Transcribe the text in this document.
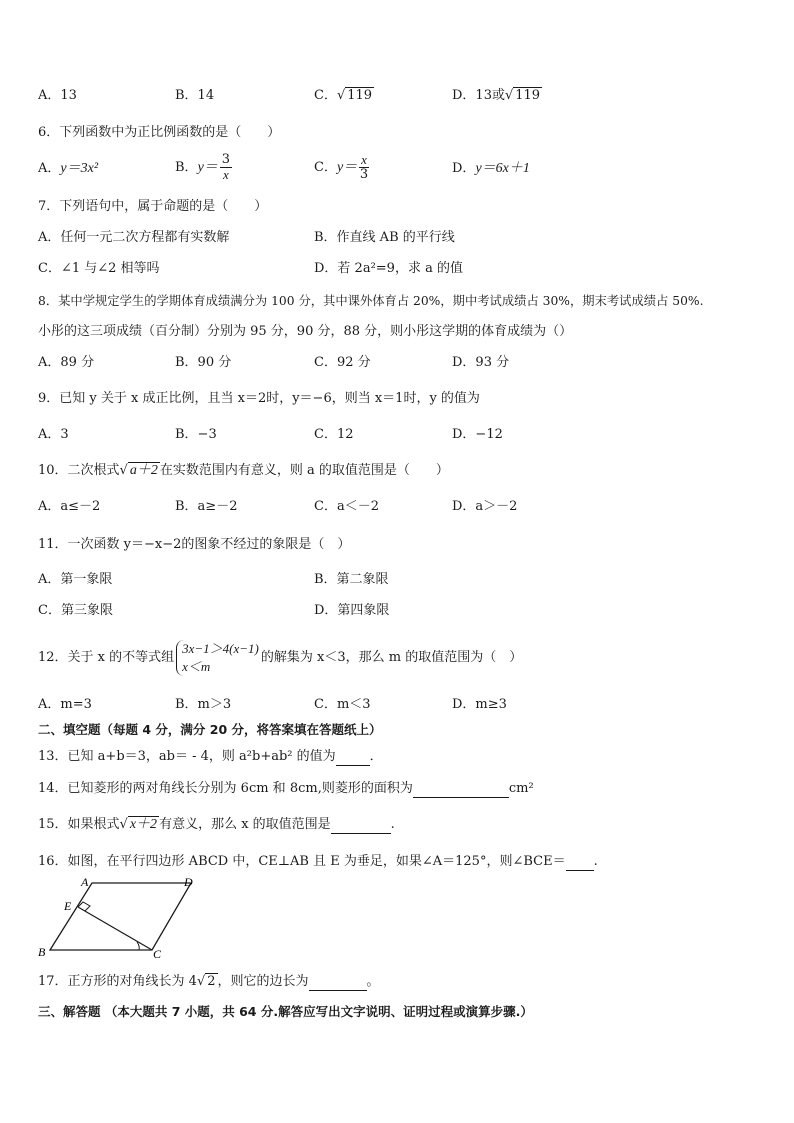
A．13	B．14	C．√ 119	D．13或√ 119
6．下列函数中为正比例函数的是（　　）
A．y＝3x²	B．$y= \frac{3}{x}$	C．$y= \frac{x}{3}$	D．y＝6x＋1
7．下列语句中，属于命题的是（　　）
A．任何一元二次方程都有实数解	B．作直线 AB 的平行线
C．∠1 与∠2 相等吗	D．若 2a²=9，求 a 的值
8．某中学规定学生的学期体育成绩满分为 100 分，其中课外体育占 20%，期中考试成绩占 30%，期末考试成绩占 50%.
小彤的这三项成绩（百分制）分别为 95 分，90 分，88 分，则小彤这学期的体育成绩为（）
A．89 分	B．90 分	C．92 分	D．93 分
9．已知 y 关于 x 成正比例，且当 x＝2时，y＝−6，则当 x＝1时，y 的值为
A．3	B．−3	C．12	D．−12
10．二次根式√ a＋2 在实数范围内有意义，则 a 的取值范围是（　　）
A．a≤－2	B．a≥－2	C．a＜－2	D．a＞－2
11．一次函数 y＝−x−2的图象不经过的象限是（　）
A．第一象限	B．第二象限
C．第三象限	D．第四象限
12．关于 x 的不等式组
3x−1＞4(x−1)
x＜m
的解集为 x＜3，那么 m 的取值范围为（　）
A．m=3	B．m＞3	C．m＜3	D．m≥3
二、填空题（每题 4 分，满分 20 分，将答案填在答题纸上）
13．已知 a+b＝3，ab＝ - 4，则 a²b+ab² 的值为	．
14．已知菱形的两对角线长分别为 6cm 和 8cm,则菱形的面积为	cm²
15．如果根式√ x＋2 有意义，那么 x 的取值范围是	.
16．如图，在平行四边形 ABCD 中，CE⊥AB 且 E 为垂足，如果∠A＝125°，则∠BCE＝ .
A	D
E
B	C
17．正方形的对角线长为 4√ 2 ，则它的边长为	。
三、解答题 （本大题共 7 小题，共 64 分.解答应写出文字说明、证明过程或演算步骤.）
